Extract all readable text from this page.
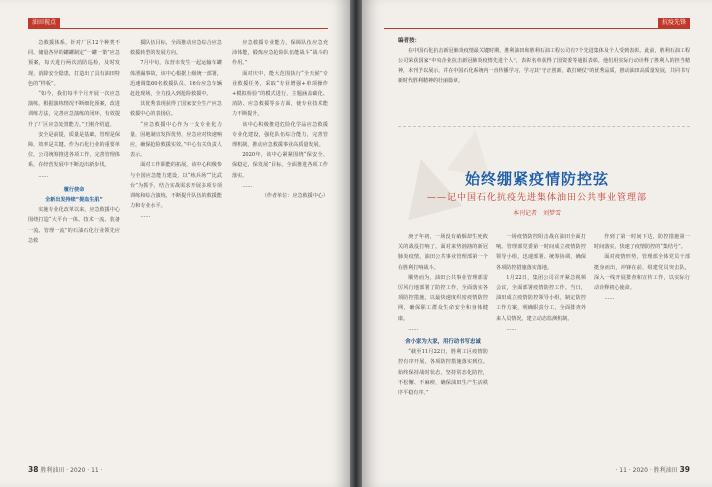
油田视点

急救援体系，针对厂区12个种类不同、储量各异的罐罐制定“一罐一策”应急预案，每天进行两次消防巡检，及时发现、消除安全隐患，打造出了具有油田特色的“样板”。

“如今，我们每半个月开展一次应急演练，根据演练情况不断细化预案，改进训练方法，完善应急演练的闭环，有效提升了厂区应急处置能力。”王刚介绍道。

安全是前提，质量是基础，管理是保障，效率是关键。作为石化行业的重要单位，公司统筹推进各项工作，完善管理体系，在经营发展中不断迈出新步伐。

……

履行使命

全新出发持续“提血生肌”

实施专业化改革以来，应急救援中心围绕打造“大平台一体、技术一流、装备一流、管理一流”的石油石化行业领先应急救

援队伍目标，全面推动应急综合应急救援转型的发展方向。

7月中旬，东营市发生一起运输车罐体泄漏事故，该中心根据上级统一部署，迅速调集60名救援队员、16台应急车辆赶赴现场，全力投入到抢险救援中。

其优秀表现获得了国家安全生产应急救援中心的表扬信。

“应急救援中心作为一支专业化力量，因地制宜发挥优势，应急应对快速响应，确保抢险救援实效。”中心有关负责人表示。

面对工作职能的拓展，该中心积极参与全国应急能力建设，以“练兵场”“比武台”为抓手，结合实战需求开展多项专项训练和综合演练，不断提升队伍的救援能力和专业水平。

……

应急救援专业能力，保障队伍应急充沛体能，锻炼应急抢险队伍能战斗“战斗的作用。”

面对庆中，能大范围执行“全天候”专业救援任务，采取“专业增强+单项操作+模拟检验”的模式进行，主题涵盖碳化、消防、应急救援等多方面，使专业技术能力不断提升。

该中心积极推进危险化学品应急救援专业化建设，强化队伍综合能力，完善管理机制，推动应急救援事业高质量发展。

2020年，该中心紧紧围绕“保安全、保稳定、保发展”目标，全面推进各项工作落实。

……

（作者单位：应急救援中心）

38 胜利油田 · 2020 · 11 ·
抗疫先锋
编者按：
在中国石化抗击新冠肺炎疫情最关键时期，胜利油田和胜利石油工程公司有7个先进集体及个人受到表彰。此前，胜利石油工程公司荣获国家“中央企业抗击新冠肺炎疫情先进个人”，表彰名单获得了国资委等通报表彰，他们用实际行动诠释了胜利人的担当精神，本刊予以展示，并在中国石化系统内一直传播学习，学习其“守正创新，敢打硬仗”的优秀品质，推动油田高质量发展，共同书写新时代胜利精神的壮丽篇章。
始终绷紧疫情防控弦
——记中国石化抗疫先进集体油田公共事业管理部
本刊记者　刘梦雪

庚子年初，一场没有硝烟却生死攸关的战役打响了。面对来势汹汹的新冠肺炎疫情，油田公共事业管理部第一个在胜利打响战斗。

顺势而为，油田公共事业管理部雷厉风行地部署了防控工作，全面落实各项防控措施，以最快速度织密疫情防控网，确保职工群众生命安全和身体健康。

……

舍小家为大家，用行动书写忠诚

“截至11月22日，胜利工区疫情防控有序开展，各项防控措施落实到位。始终保持战时状态，坚持常态化防控，不松懈、不麻痹，确保油田生产生活秩序平稳有序。”

一场疫情防控阻击战在油田全面打响。管理部党委第一时间成立疫情防控领导小组，迅速部署、统筹协调，确保各项防控措施落实落地。

1月22日，集团公司召开紧急视频会议，全面部署疫情防控工作。当日，油田成立疫情防控领导小组，制定防控工作方案，明确职责分工，全面排查外来人员情况，建立动态监测机制。

……

作到了第一时间下达，防控措施第一时间落实，快速了疫情防控的“集结号”。

面对疫情形势，管理部全体党员干部挺身而出，冲锋在前，组建党员突击队，深入一线开展排查和宣传工作，以实际行动诠释初心使命。

……

· 11 · 2020 · 胜利油田 39
